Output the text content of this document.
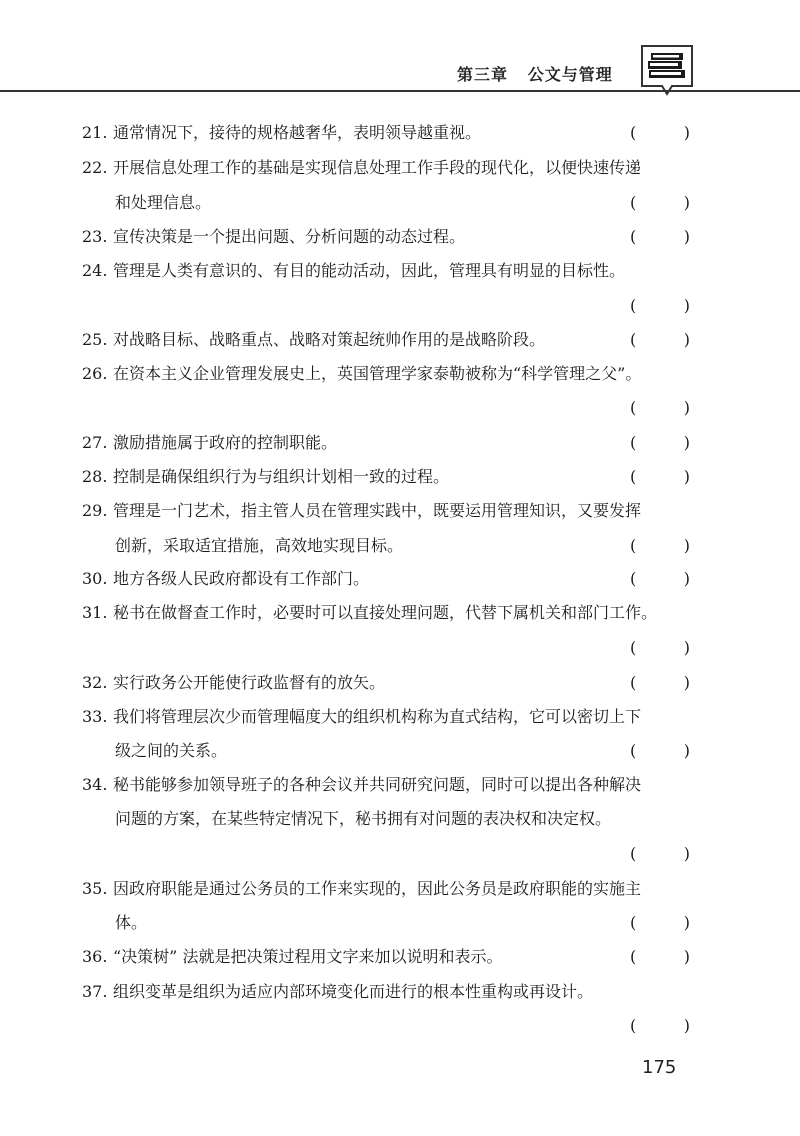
第三章 公文与管理
21. 通常情况下，接待的规格越奢华，表明领导越重视。	(	)
22. 开展信息处理工作的基础是实现信息处理工作手段的现代化，以便快速传递
和处理信息。	(	)
23. 宣传决策是一个提出问题、分析问题的动态过程。	(	)
24. 管理是人类有意识的、有目的能动活动，因此，管理具有明显的目标性。
(	)
25. 对战略目标、战略重点、战略对策起统帅作用的是战略阶段。	(	)
26. 在资本主义企业管理发展史上，英国管理学家泰勒被称为“科学管理之父”。
(	)
27. 激励措施属于政府的控制职能。	(	)
28. 控制是确保组织行为与组织计划相一致的过程。	(	)
29. 管理是一门艺术，指主管人员在管理实践中，既要运用管理知识，又要发挥
创新，采取适宜措施，高效地实现目标。	(	)
30. 地方各级人民政府都设有工作部门。	(	)
31. 秘书在做督查工作时，必要时可以直接处理问题，代替下属机关和部门工作。
(	)
32. 实行政务公开能使行政监督有的放矢。	(	)
33. 我们将管理层次少而管理幅度大的组织机构称为直式结构，它可以密切上下
级之间的关系。	(	)
34. 秘书能够参加领导班子的各种会议并共同研究问题，同时可以提出各种解决
问题的方案，在某些特定情况下，秘书拥有对问题的表决权和决定权。
(	)
35. 因政府职能是通过公务员的工作来实现的，因此公务员是政府职能的实施主
体。	(	)
36. “决策树” 法就是把决策过程用文字来加以说明和表示。	(	)
37. 组织变革是组织为适应内部环境变化而进行的根本性重构或再设计。
(	)
175
